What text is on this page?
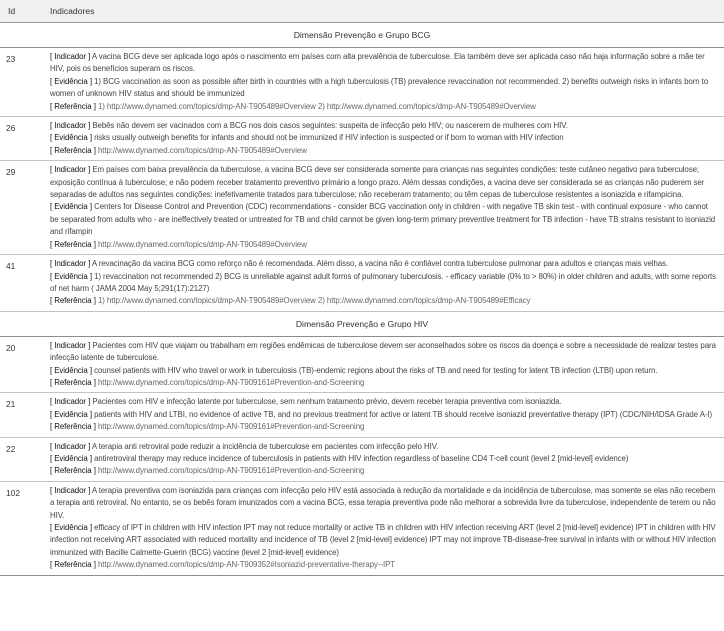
Id	Indicadores
Dimensão Prevenção e Grupo BCG	
23	[ Indicador ] A vacina BCG deve ser aplicada logo após o nascimento em países com alta prevalência de tuberculose. Ela também deve ser aplicada caso não haja informação sobre a mãe ter HIV, pois os benefícios superam os riscos.
[ Evidência ] 1) BCG vaccination as soon as possible after birth in countries with a high tuberculosis (TB) prevalence revaccination not recommended. 2) benefits outweigh risks in infants born to women of unknown HIV status and should be immunized
[ Referência ] 1) http://www.dynamed.com/topics/dmp-AN-T905489#Overview 2) http://www.dynamed.com/topics/dmp-AN-T905489#Overview

26	[ Indicador ] Bebês não devem ser vacinados com a BCG nos dois casos seguintes: suspeita de infecção pelo HIV; ou nascerem de mulheres com HIV.
[ Evidência ] risks usually outweigh benefits for infants and should not be immunized if HIV infection is suspected or if born to woman with HIV infection
[ Referência ] http://www.dynamed.com/topics/dmp-AN-T905489#Overview

29	[ Indicador ] Em países com baixa prevalência da tuberculose, a vacina BCG deve ser considerada somente para crianças nas seguintes condições: teste cutâneo negativo para tuberculose; exposição contínua à tuberculose; e não podem receber tratamento preventivo primário a longo prazo. Além dessas condições, a vacina deve ser considerada se as crianças não puderem ser separadas de adultos nas seguintes condições: inefetivamente tratados para tuberculose; não receberam tratamento; ou têm cepas de tuberculose resistentes a isoniazida e rifampicina.
[ Evidência ] Centers for Disease Control and Prevention (CDC) recommendations - consider BCG vaccination only in children - with negative TB skin test - with continual exposure - who cannot be separated from adults who - are ineffectively treated or untreated for TB and child cannot be given long-term primary preventive treatment for TB infection - have TB strains resistant to isoniazid and rifampin
[ Referência ] http://www.dynamed.com/topics/dmp-AN-T905489#Overview

41	[ Indicador ] A revacinação da vacina BCG como reforço não é recomendada. Além disso, a vacina não é confiável contra tuberculose pulmonar para adultos e crianças mais velhas.
[ Evidência ] 1) revaccination not recommended 2) BCG is unreliable against adult forms of pulmonary tuberculosis. - efficacy variable (0% to > 80%) in older children and adults, with some reports of net harm ( JAMA 2004 May 5;291(17):2127)
[ Referência ] 1) http://www.dynamed.com/topics/dmp-AN-T905489#Overview 2) http://www.dynamed.com/topics/dmp-AN-T905489#Efficacy

Dimensão Prevenção e Grupo HIV	
20	[ Indicador ] Pacientes com HIV que viajam ou trabalham em regiões endêmicas de tuberculose devem ser aconselhados sobre os riscos da doença e sobre a necessidade de realizar testes para infecção latente de tuberculose.
[ Evidência ] counsel patients with HIV who travel or work in tuberculosis (TB)-endemic regions about the risks of TB and need for testing for latent TB infection (LTBI) upon return.
[ Referência ] http://www.dynamed.com/topics/dmp-AN-T909161#Prevention-and-Screening

21	[ Indicador ] Pacientes com HIV e infecção latente por tuberculose, sem nenhum tratamento prévio, devem receber terapia preventiva com isoniazida.
[ Evidência ] patients with HIV and LTBI, no evidence of active TB, and no previous treatment for active or latent TB should receive isoniazid preventative therapy (IPT) (CDC/NIH/IDSA Grade A-I)
[ Referência ] http://www.dynamed.com/topics/dmp-AN-T909161#Prevention-and-Screening

22	[ Indicador ] A terapia anti retroviral pode reduzir a incidência de tuberculose em pacientes com infecção pelo HIV.
[ Evidência ] antiretroviral therapy may reduce incidence of tuberculosis in patients with HIV infection regardless of baseline CD4 T-cell count (level 2 [mid-level] evidence)
[ Referência ] http://www.dynamed.com/topics/dmp-AN-T909161#Prevention-and-Screening

102	[ Indicador ] A terapia preventiva com isoniazida para crianças com infecção pelo HIV está associada à redução da mortalidade e da incidência de tuberculose, mas somente se elas não recebem a terapia anti retroviral. No entanto, se os bebês foram imunizados com a vacina BCG, essa terapia preventiva pode não melhorar a sobrevida livre da tuberculose, independente de terem ou não HIV.
[ Evidência ] efficacy of IPT in children with HIV infection IPT may not reduce mortality or active TB in children with HIV infection receiving ART (level 2 [mid-level] evidence) IPT in children with HIV infection not receiving ART associated with reduced mortality and incidence of TB (level 2 [mid-level] evidence) IPT may not improve TB-disease-free survival in infants with or without HIV infection immunized with Bacille Calmette-Guerin (BCG) vaccine (level 2 [mid-level] evidence)
[ Referência ] http://www.dynamed.com/topics/dmp-AN-T909352#Isoniazid-preventative-therapy--IPT
